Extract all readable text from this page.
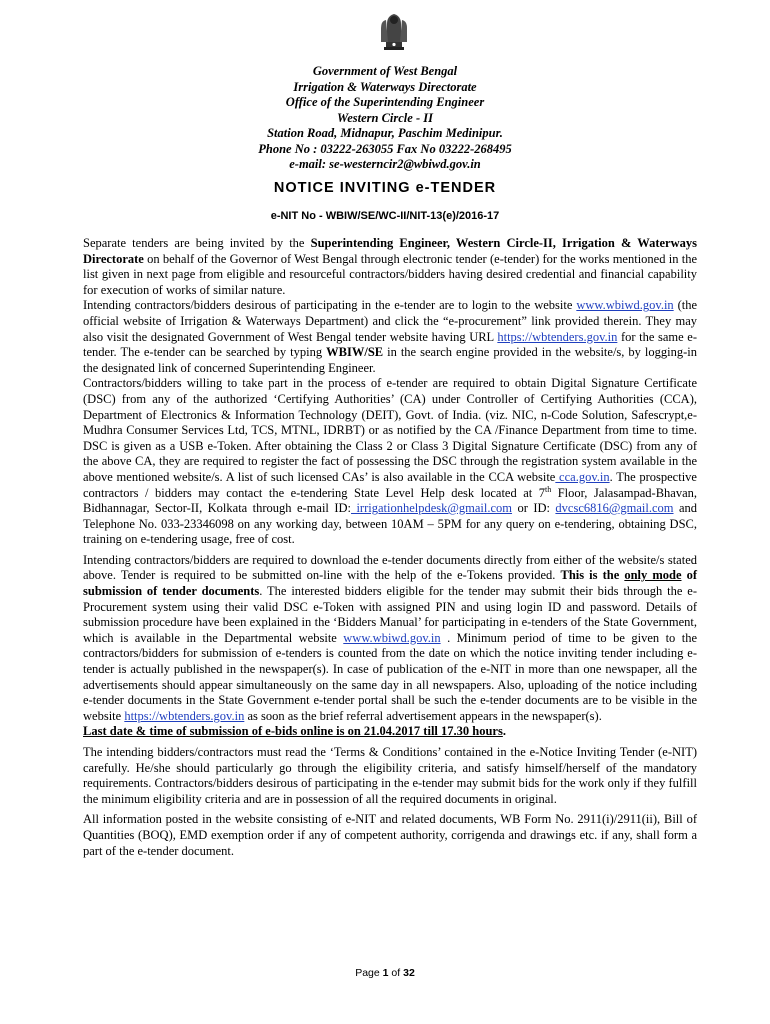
Government of West Bengal
Irrigation & Waterways Directorate
Office of the Superintending Engineer
Western Circle - II
Station Road, Midnapur, Paschim Medinipur.
Phone No : 03222-263055 Fax No 03222-268495
e-mail: se-westerncir2@wbiwd.gov.in
NOTICE INVITING e-TENDER
e-NIT No - WBIW/SE/WC-II/NIT-13(e)/2016-17

Separate tenders are being invited by the Superintending Engineer, Western Circle-II, Irrigation & Waterways Directorate on behalf of the Governor of West Bengal through electronic tender (e-tender) for the works mentioned in the list given in next page from eligible and resourceful contractors/bidders having desired credential and financial capability for execution of works of similar nature.

Intending contractors/bidders desirous of participating in the e-tender are to login to the website www.wbiwd.gov.in (the official website of Irrigation & Waterways Department) and click the “e-procurement” link provided therein. They may also visit the designated Government of West Bengal tender website having URL https://wbtenders.gov.in for the same e-tender. The e-tender can be searched by typing WBIW/SE in the search engine provided in the website/s, by logging-in the designated link of concerned Superintending Engineer.

Contractors/bidders willing to take part in the process of e-tender are required to obtain Digital Signature Certificate (DSC) from any of the authorized ‘Certifying Authorities’ (CA) under Controller of Certifying Authorities (CCA), Department of Electronics & Information Technology (DEIT), Govt. of India. (viz. NIC, n-Code Solution, Safescrypt,e-Mudhra Consumer Services Ltd, TCS, MTNL, IDRBT) or as notified by the CA /Finance Department from time to time. DSC is given as a USB e-Token. After obtaining the Class 2 or Class 3 Digital Signature Certificate (DSC) from any of the above CA, they are required to register the fact of possessing the DSC through the registration system available in the above mentioned website/s. A list of such licensed CAs’ is also available in the CCA website cca.gov.in. The prospective contractors / bidders may contact the e-tendering State Level Help desk located at 7th Floor, Jalasampad-Bhavan, Bidhannagar, Sector-II, Kolkata through e-mail ID: irrigationhelpdesk@gmail.com or ID: dvcsc6816@gmail.com and Telephone No. 033-23346098 on any working day, between 10AM – 5PM for any query on e-tendering, obtaining DSC, training on e-tendering usage, free of cost.

Intending contractors/bidders are required to download the e-tender documents directly from either of the website/s stated above. Tender is required to be submitted on-line with the help of the e-Tokens provided. This is the only mode of submission of tender documents. The interested bidders eligible for the tender may submit their bids through the e-Procurement system using their valid DSC e-Token with assigned PIN and using login ID and password. Details of submission procedure have been explained in the ‘Bidders Manual’ for participating in e-tenders of the State Government, which is available in the Departmental website www.wbiwd.gov.in . Minimum period of time to be given to the contractors/bidders for submission of e-tenders is counted from the date on which the notice inviting tender including e-tender is actually published in the newspaper(s). In case of publication of the e-NIT in more than one newspaper, all the advertisements should appear simultaneously on the same day in all newspapers. Also, uploading of the notice including e-tender documents in the State Government e-tender portal shall be such the e-tender documents are to be visible in the website https://wbtenders.gov.in as soon as the brief referral advertisement appears in the newspaper(s).

Last date & time of submission of e-bids online is on 21.04.2017 till 17.30 hours.

The intending bidders/contractors must read the ‘Terms & Conditions’ contained in the e-Notice Inviting Tender (e-NIT) carefully. He/she should particularly go through the eligibility criteria, and satisfy himself/herself of the mandatory requirements. Contractors/bidders desirous of participating in the e-tender may submit bids for the work only if they fulfill the minimum eligibility criteria and are in possession of all the required documents in original.

All information posted in the website consisting of e-NIT and related documents, WB Form No. 2911(i)/2911(ii), Bill of Quantities (BOQ), EMD exemption order if any of competent authority, corrigenda and drawings etc. if any, shall form a part of the e-tender document.

Page 1 of 32
